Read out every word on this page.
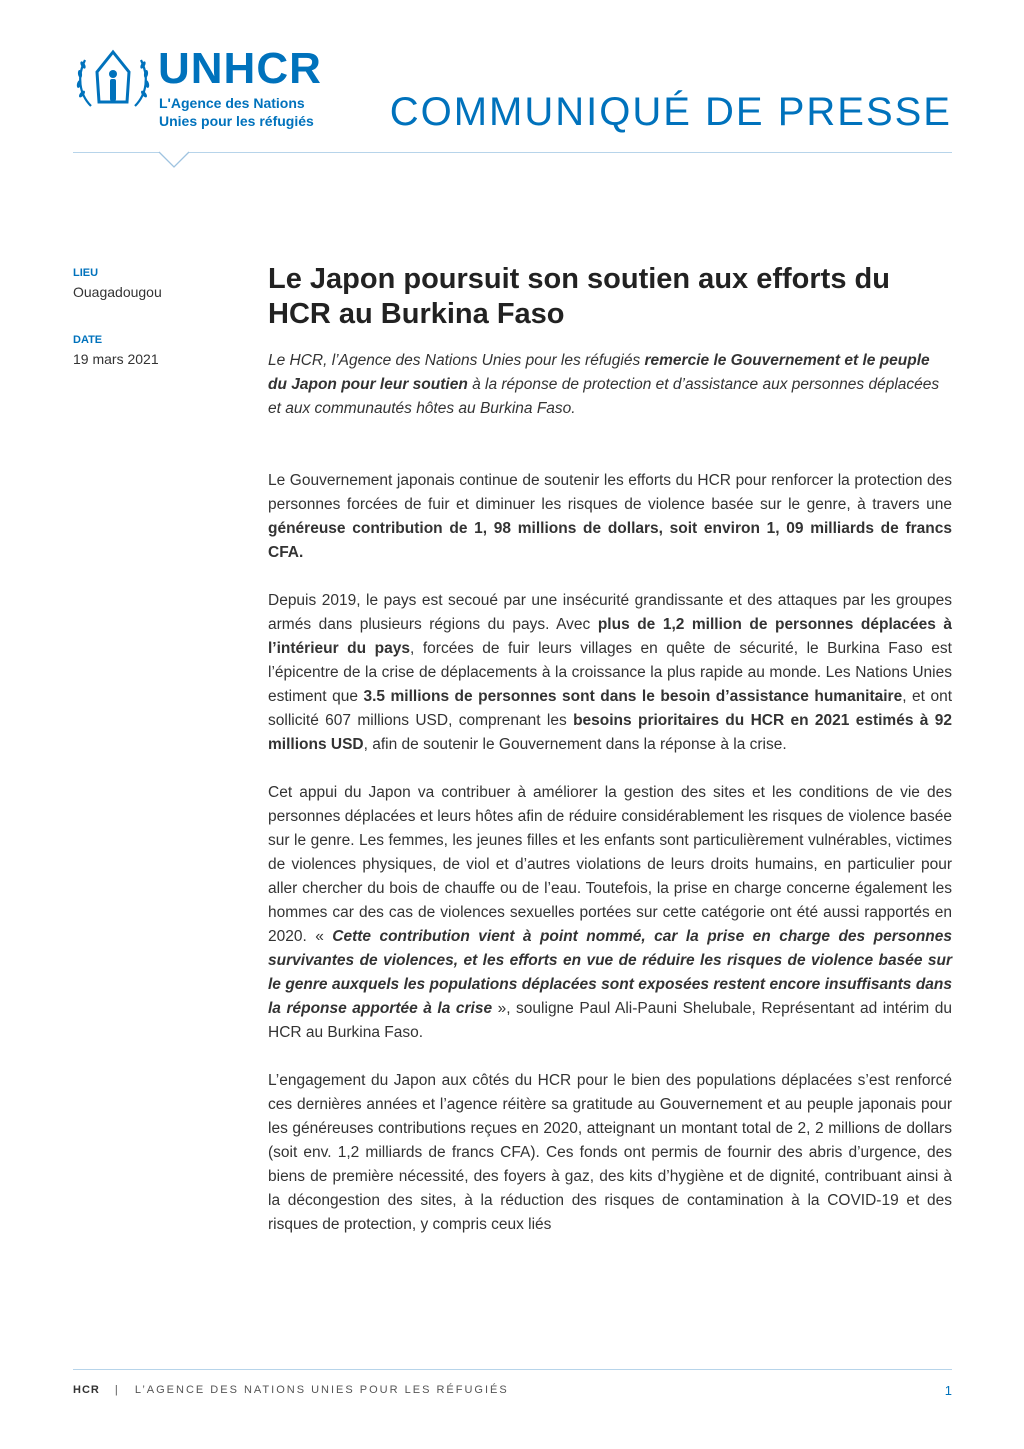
UNHCR
L'Agence des Nations
Unies pour les réfugiés	COMMUNIQUÉ DE PRESSE
LIEU
Ouagadougou
DATE
19 mars 2021
Le Japon poursuit son soutien aux efforts du HCR au Burkina Faso
Le HCR, l’Agence des Nations Unies pour les réfugiés remercie le Gouvernement et le peuple du Japon pour leur soutien à la réponse de protection et d’assistance aux personnes déplacées et aux communautés hôtes au Burkina Faso.

Le Gouvernement japonais continue de soutenir les efforts du HCR pour renforcer la protection des personnes forcées de fuir et diminuer les risques de violence basée sur le genre, à travers une généreuse contribution de 1, 98 millions de dollars, soit environ 1, 09 milliards de francs CFA.

Depuis 2019, le pays est secoué par une insécurité grandissante et des attaques par les groupes armés dans plusieurs régions du pays. Avec plus de 1,2 million de personnes déplacées à l’intérieur du pays, forcées de fuir leurs villages en quête de sécurité, le Burkina Faso est l’épicentre de la crise de déplacements à la croissance la plus rapide au monde. Les Nations Unies estiment que 3.5 millions de personnes sont dans le besoin d’assistance humanitaire, et ont sollicité 607 millions USD, comprenant les besoins prioritaires du HCR en 2021 estimés à 92 millions USD, afin de soutenir le Gouvernement dans la réponse à la crise.

Cet appui du Japon va contribuer à améliorer la gestion des sites et les conditions de vie des personnes déplacées et leurs hôtes afin de réduire considérablement les risques de violence basée sur le genre. Les femmes, les jeunes filles et les enfants sont particulièrement vulnérables, victimes de violences physiques, de viol et d’autres violations de leurs droits humains, en particulier pour aller chercher du bois de chauffe ou de l’eau. Toutefois, la prise en charge concerne également les hommes car des cas de violences sexuelles portées sur cette catégorie ont été aussi rapportés en 2020. « Cette contribution vient à point nommé, car la prise en charge des personnes survivantes de violences, et les efforts en vue de réduire les risques de violence basée sur le genre auxquels les populations déplacées sont exposées restent encore insuffisants dans la réponse apportée à la crise », souligne Paul Ali-Pauni Shelubale, Représentant ad intérim du HCR au Burkina Faso.

L’engagement du Japon aux côtés du HCR pour le bien des populations déplacées s’est renforcé ces dernières années et l’agence réitère sa gratitude au Gouvernement et au peuple japonais pour les généreuses contributions reçues en 2020, atteignant un montant total de 2, 2 millions de dollars (soit env. 1,2 milliards de francs CFA). Ces fonds ont permis de fournir des abris d’urgence, des biens de première nécessité, des foyers à gaz, des kits d’hygiène et de dignité, contribuant ainsi à la décongestion des sites, à la réduction des risques de contamination à la COVID-19 et des risques de protection, y compris ceux liés

HCR | L’AGENCE DES NATIONS UNIES POUR LES RÉFUGIÉS	1
